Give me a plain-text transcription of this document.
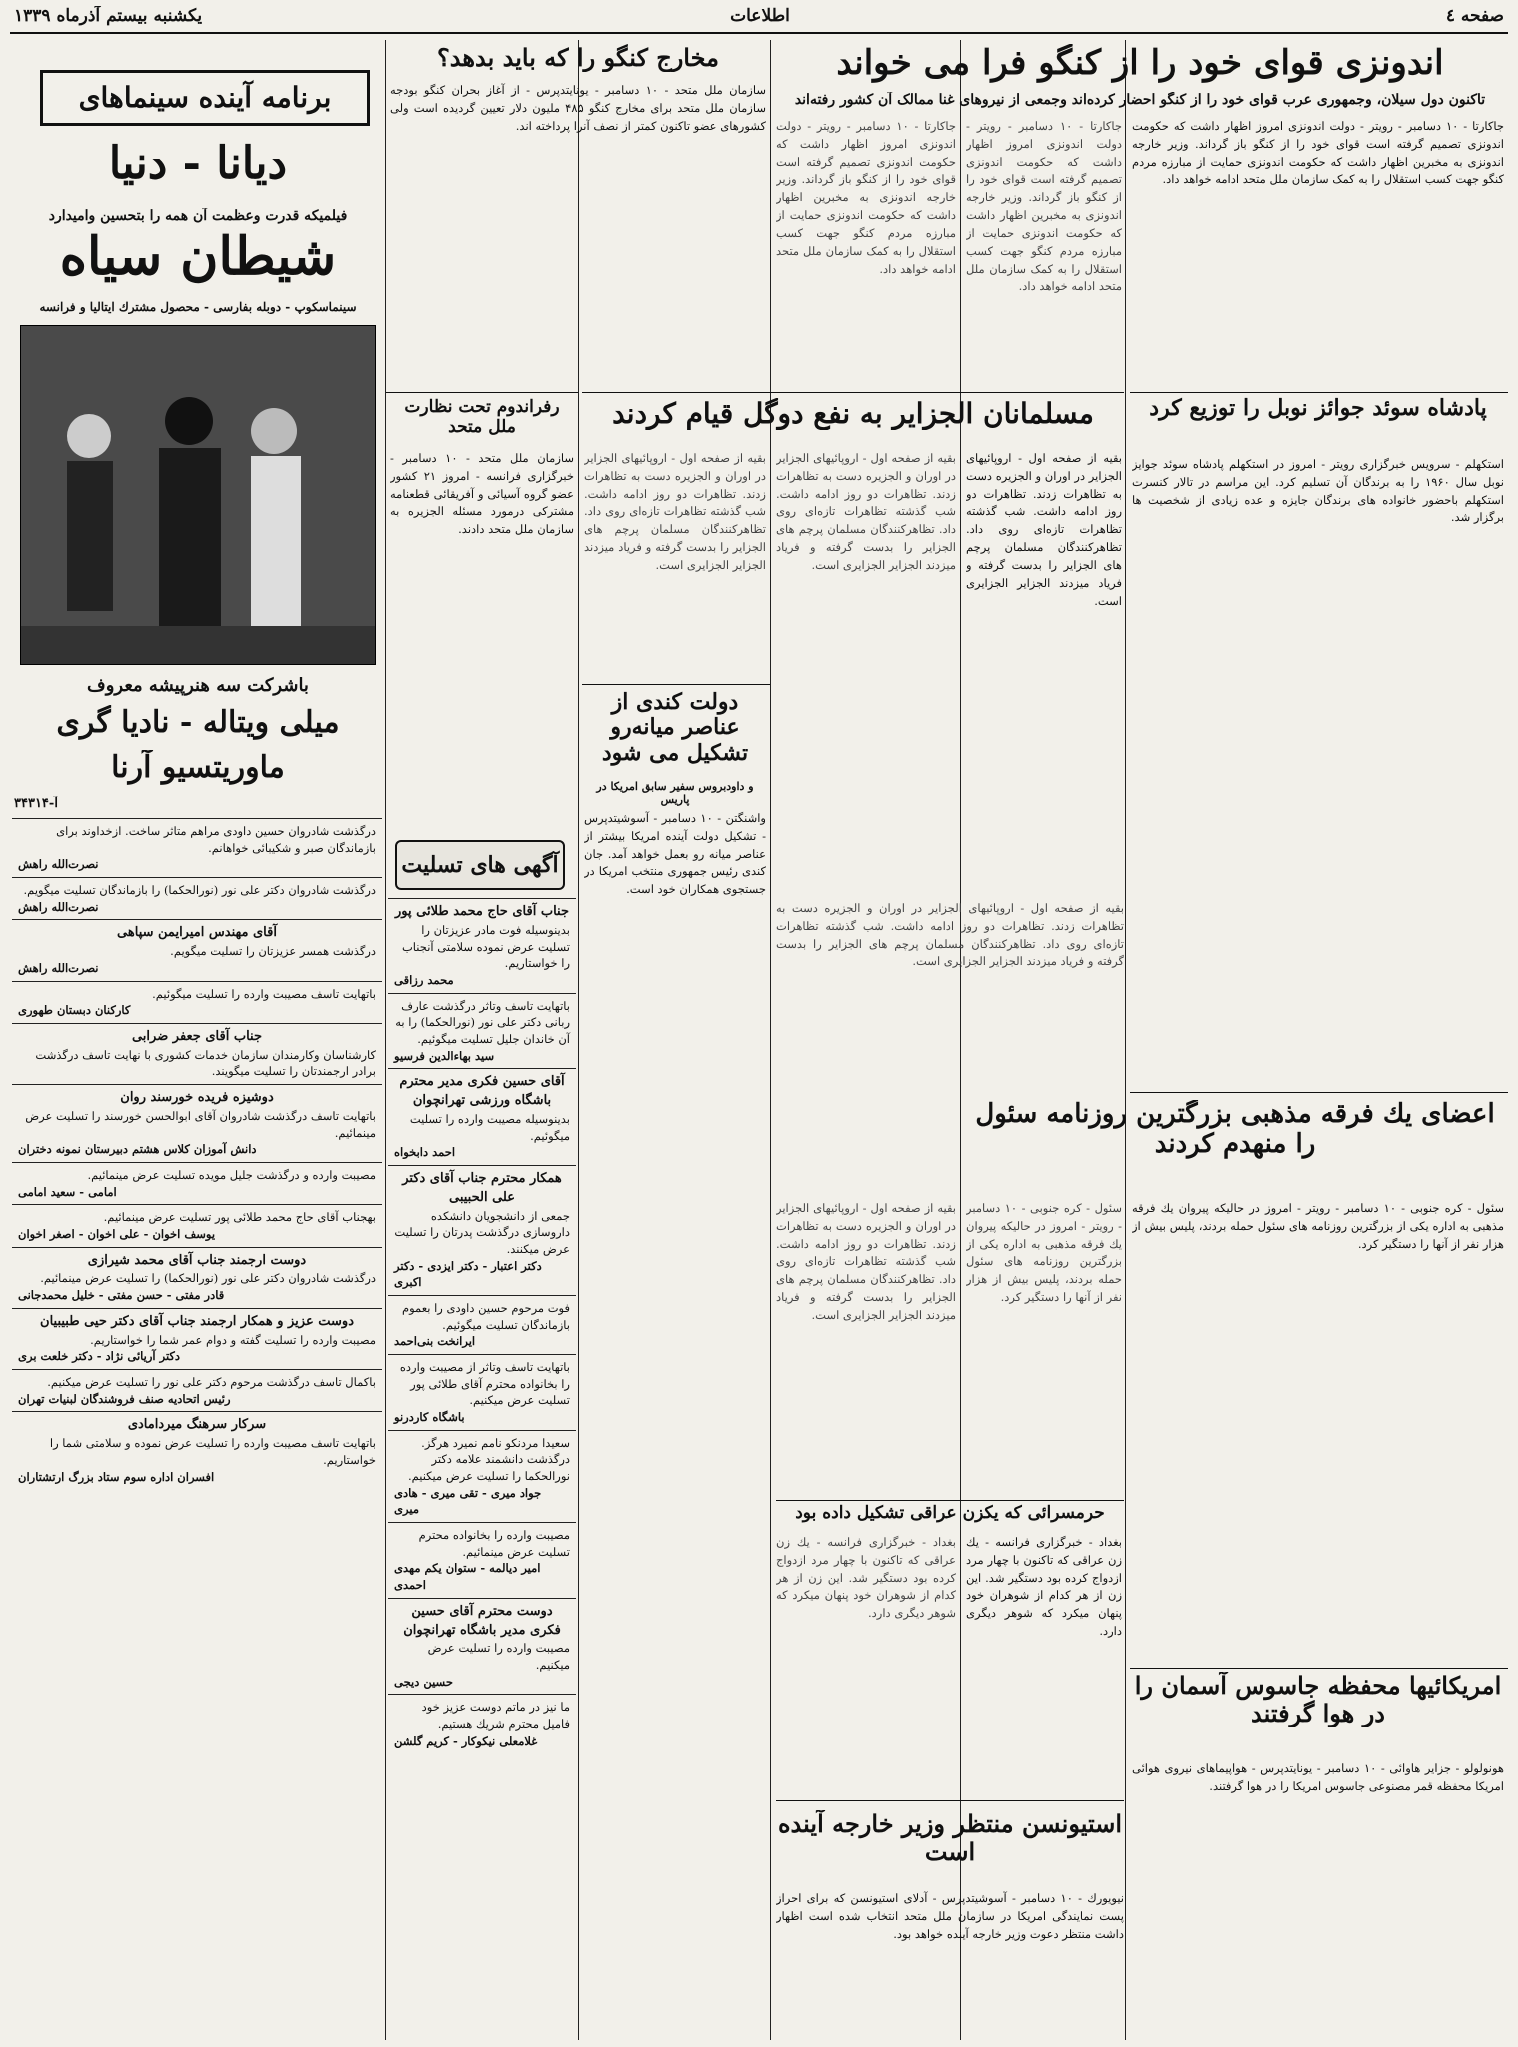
صفحه ٤
اطلاعات
یکشنبه بیستم آذرماه ۱۳۳۹
اندونزی قوای خود را از کنگو فرا می خواند
تاکنون دول سیلان، وجمهوری عرب قوای خود را از کنگو احضار کرده‌اند وجمعی از نیروهای غنا ممالک آن کشور رفته‌اند
جاکارتا - ۱۰ دسامبر - رویتر - دولت اندونزی امروز اظهار داشت که حکومت اندونزی تصمیم گرفته است قوای خود را از کنگو باز گرداند. وزیر خارجه اندونزی به مخبرین اظهار داشت که حکومت اندونزی حمایت از مبارزه مردم کنگو جهت کسب استقلال را به کمک سازمان ملل متحد ادامه خواهد داد.
جاکارتا - ۱۰ دسامبر - رویتر - دولت اندونزی امروز اظهار داشت که حکومت اندونزی تصمیم گرفته است قوای خود را از کنگو باز گرداند. وزیر خارجه اندونزی به مخبرین اظهار داشت که حکومت اندونزی حمایت از مبارزه مردم کنگو جهت کسب استقلال را به کمک سازمان ملل متحد ادامه خواهد داد.
جاکارتا - ۱۰ دسامبر - رویتر - دولت اندونزی امروز اظهار داشت که حکومت اندونزی تصمیم گرفته است قوای خود را از کنگو باز گرداند. وزیر خارجه اندونزی به مخبرین اظهار داشت که حکومت اندونزی حمایت از مبارزه مردم کنگو جهت کسب استقلال را به کمک سازمان ملل متحد ادامه خواهد داد.
پادشاه سوئد جوائز نوبل را توزیع کرد
استکهلم - سرویس خبرگزاری رویتر - امروز در استکهلم پادشاه سوئد جوایز نوبل سال ۱۹۶۰ را به برندگان آن تسلیم کرد. این مراسم در تالار کنسرت استکهلم باحضور خانواده های برندگان جایزه و عده زیادی از شخصیت ها برگزار شد.
مسلمانان الجزایر به نفع دوگل قیام کردند
بقیه از صفحه اول - اروپائیهای الجزایر در اوران و الجزیره دست به تظاهرات زدند. تظاهرات دو روز ادامه داشت. شب گذشته تظاهرات تازه‌ای روی داد. تظاهرکنندگان مسلمان پرچم های الجزایر را بدست گرفته و فریاد میزدند الجزایر الجزایری است.
بقیه از صفحه اول - اروپائیهای الجزایر در اوران و الجزیره دست به تظاهرات زدند. تظاهرات دو روز ادامه داشت. شب گذشته تظاهرات تازه‌ای روی داد. تظاهرکنندگان مسلمان پرچم های الجزایر را بدست گرفته و فریاد میزدند الجزایر الجزایری است.
بقیه از صفحه اول - اروپائیهای الجزایر در اوران و الجزیره دست به تظاهرات زدند. تظاهرات دو روز ادامه داشت. شب گذشته تظاهرات تازه‌ای روی داد. تظاهرکنندگان مسلمان پرچم های الجزایر را بدست گرفته و فریاد میزدند الجزایر الجزایری است.
اعضای یك فرقه مذهبی بزرگترین روزنامه سئول را منهدم کردند
سئول - کره جنوبی - ۱۰ دسامبر - رویتر - امروز در حالیکه پیروان یك فرقه مذهبی به اداره یکی از بزرگترین روزنامه های سئول حمله بردند، پلیس بیش از هزار نفر از آنها را دستگیر کرد.
سئول - کره جنوبی - ۱۰ دسامبر - رویتر - امروز در حالیکه پیروان یك فرقه مذهبی به اداره یکی از بزرگترین روزنامه های سئول حمله بردند، پلیس بیش از هزار نفر از آنها را دستگیر کرد.
امریکائیها محفظه جاسوس آسمان را در هوا گرفتند
هونولولو - جزایر هاوائی - ۱۰ دسامبر - یونایتدپرس - هواپیماهای نیروی هوائی امریکا محفظه قمر مصنوعی جاسوس امریکا را در هوا گرفتند.
حرمسرائی که یکزن عراقی تشکیل داده بود
بغداد - خبرگزاری فرانسه - یك زن عراقی که تاکنون با چهار مرد ازدواج کرده بود دستگیر شد. این زن از هر کدام از شوهران خود پنهان میکرد که شوهر دیگری دارد.
بغداد - خبرگزاری فرانسه - یك زن عراقی که تاکنون با چهار مرد ازدواج کرده بود دستگیر شد. این زن از هر کدام از شوهران خود پنهان میکرد که شوهر دیگری دارد.
بقیه از صفحه اول - اروپائیهای الجزایر در اوران و الجزیره دست به تظاهرات زدند. تظاهرات دو روز ادامه داشت. شب گذشته تظاهرات تازه‌ای روی داد. تظاهرکنندگان مسلمان پرچم های الجزایر را بدست گرفته و فریاد میزدند الجزایر الجزایری است.
بقیه از صفحه اول - اروپائیهای الجزایر در اوران و الجزیره دست به تظاهرات زدند. تظاهرات دو روز ادامه داشت. شب گذشته تظاهرات تازه‌ای روی داد. تظاهرکنندگان مسلمان پرچم های الجزایر را بدست گرفته و فریاد میزدند الجزایر الجزایری است.
استیونسن منتظر وزیر خارجه آینده است
نیویورك - ۱۰ دسامبر - آسوشیتدپرس - آدلای استیونسن که برای احراز پست نمایندگی امریکا در سازمان ملل متحد انتخاب شده است اظهار داشت منتظر دعوت وزیر خارجه آینده خواهد بود.
مخارج کنگو را که باید بدهد؟
سازمان ملل متحد - ۱۰ دسامبر - یونایتدپرس - از آغاز بحران کنگو بودجه سازمان ملل متحد برای مخارج کنگو ۴۸۵ ملیون دلار تعیین گردیده است ولی کشورهای عضو تاکنون کمتر از نصف آنرا پرداخته اند.
رفراندوم تحت نظارت ملل متحد
سازمان ملل متحد - ۱۰ دسامبر - خبرگزاری فرانسه - امروز ۲۱ کشور عضو گروه آسیائی و آفریقائی قطعنامه مشترکی درمورد مسئله الجزیره به سازمان ملل متحد دادند.
دولت کندی از عناصر میانه‌رو تشکیل می شود
و داودبروس سفیر سابق امریکا در پاریس
واشنگتن - ۱۰ دسامبر - آسوشیتدپرس - تشکیل دولت آینده امریکا بیشتر از عناصر میانه رو بعمل خواهد آمد. جان کندی رئیس جمهوری منتخب امریکا در جستجوی همکاران خود است.
آگهی های تسلیت
جناب آقای حاج محمد طلائی پور
بدینوسیله فوت مادر عزیزتان را تسلیت عرض نموده سلامتی آنجناب را خواستاریم.
محمد رزاقی
باتهایت تاسف وتاثر درگذشت عارف ربانی دکتر علی نور (نورالحکما) را به آن خاندان جلیل تسلیت میگوئیم.
سید بهاءالدین فرسیو
آقای حسین فکری مدیر محترم باشگاه ورزشی تهرانچوان
بدینوسیله مصیبت وارده را تسلیت میگوئیم.
احمد دابخواه
همکار محترم جناب آقای دکتر علی الحبیبی
جمعی از دانشجویان دانشکده داروسازی درگذشت پدرتان را تسلیت عرض میکنند.
دکتر اعتبار - دکتر ایزدی - دکتر اکبری
فوت مرحوم حسین داودی را بعموم بازماندگان تسلیت میگوئیم.
ایرانخت بنی‌احمد
باتهایت تاسف وتاثر از مصیبت وارده را بخانواده محترم آقای طلائی پور تسلیت عرض میکنیم.
باشگاه کاردرنو
سعیدا مردنکو نامم نمیرد هرگز. درگذشت دانشمند علامه دکتر نورالحکما را تسلیت عرض میکنیم.
جواد میری - تقی میری - هادی میری
مصیبت وارده را بخانواده محترم تسلیت عرض مینمائیم.
امیر دیالمه - ستوان یکم مهدی احمدی
دوست محترم آقای حسین فکری مدیر باشگاه تهرانچوان
مصیبت وارده را تسلیت عرض میکنیم.
حسین دیجی
ما نیز در ماتم دوست عزیز خود فامیل محترم شریك هستیم.
غلامعلی نیکوکار - کریم گلشن
برنامه آینده سینماهای
دیانا - دنیا
فیلمیکه قدرت وعظمت آن همه را بتحسین وامیدارد
شیطان سیاه
سینماسکوپ - دوبله بفارسی - محصول مشترك ایتالیا و فرانسه
باشرکت سه هنرپیشه معروف
میلی ویتاله - نادیا گری
ماوریتسیو آرنا
آ-۳۴۳۱۴
درگذشت شادروان حسین داودی مراهم متاثر ساخت. ازخداوند برای بازماندگان صبر و شکیبائی خواهانم.
نصرت‌الله راهش
درگذشت شادروان دکتر علی نور (نورالحکما) را بازماندگان تسلیت میگویم.
نصرت‌الله راهش
آقای مهندس امیرایمن سپاهی
درگذشت همسر عزیزتان را تسلیت میگویم.
نصرت‌الله راهش
باتهایت تاسف مصیبت وارده را تسلیت میگوئیم.
کارکنان دبستان طهوری
جناب آقای جعفر ضرابی
کارشناسان وکارمندان سازمان خدمات کشوری با نهایت تاسف درگذشت برادر ارجمندتان را تسلیت میگویند.
دوشیزه فریده خورسند روان
باتهایت تاسف درگذشت شادروان آقای ابوالحسن خورسند را تسلیت عرض مینمائیم.
دانش آموزان کلاس هشتم دبیرستان نمونه دختران
مصیبت وارده و درگذشت جلیل مویده تسلیت عرض مینمائیم.
امامی - سعید امامی
بهجناب آقای حاج محمد طلائی پور تسلیت عرض مینمائیم.
یوسف اخوان - علی اخوان - اصغر اخوان
دوست ارجمند جناب آقای محمد شیرازی
درگذشت شادروان دکتر علی نور (نورالحکما) را تسلیت عرض مینمائیم.
قادر مفتی - حسن مفتی - خلیل محمدجانی
دوست عزیز و همکار ارجمند جناب آقای دکتر حیی طبیبیان
مصیبت وارده را تسلیت گفته و دوام عمر شما را خواستاریم.
دکتر آریائی نژاد - دکتر خلعت بری
باکمال تاسف درگذشت مرحوم دکتر علی نور را تسلیت عرض میکنیم.
رئیس اتحادیه صنف فروشندگان لبنیات تهران
سرکار سرهنگ میردامادی
باتهایت تاسف مصیبت وارده را تسلیت عرض نموده و سلامتی شما را خواستاریم.
افسران اداره سوم ستاد بزرگ ارتشتاران
